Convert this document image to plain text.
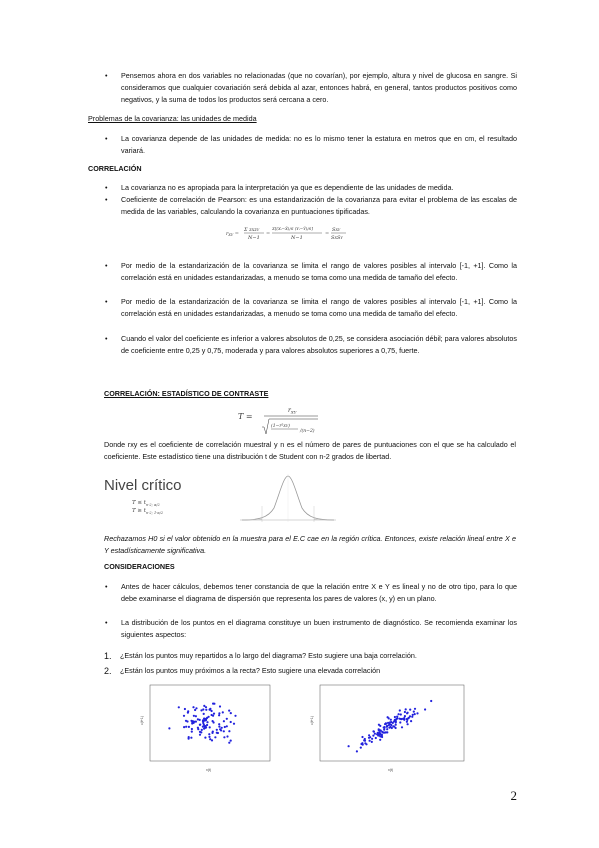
• Pensemos ahora en dos variables no relacionadas (que no covarían), por ejemplo, altura y nivel de glucosa en sangre. Si consideramos que cualquier covariación será debida al azar, entonces habrá, en general, tantos productos positivos como negativos, y la suma de todos los productos será cercana a cero.
Problemas de la covarianza: las unidades de medida
• La covarianza depende de las unidades de medida: no es lo mismo tener la estatura en metros que en cm, el resultado variará.
CORRELACIÓN
• La covarianza no es apropiada para la interpretación ya que es dependiente de las unidades de medida.
• Coeficiente de correlación de Pearson: es una estandarización de la covarianza para evitar el problema de las escalas de medida de las variables, calculando la covarianza en puntuaciones tipificadas.
$r_{XY}$ =
Σ zXzY
N−1
=
Σ[(Xᵢ−X̄)/S (Yᵢ−Ȳ)/S]
N−1
=
SXY
SXSY
• Por medio de la estandarización de la covarianza se limita el rango de valores posibles al intervalo [-1, +1]. Como la correlación está en unidades estandarizadas, a menudo se toma como una medida de tamaño del efecto.
• Por medio de la estandarización de la covarianza se limita el rango de valores posibles al intervalo [-1, +1]. Como la correlación está en unidades estandarizadas, a menudo se toma como una medida de tamaño del efecto.
• Cuando el valor del coeficiente es inferior a valores absolutos de 0,25, se considera asociación débil; para valores absolutos de coeficiente entre 0,25 y 0,75, moderada y para valores absolutos superiores a 0,75, fuerte.
CORRELACIÓN: ESTADÍSTICO DE CONTRASTE
T =
$r_{XY}$
(1−r²XY)
/(n−2)
Donde rxy es el coeficiente de correlación muestral y n es el número de pares de puntuaciones con el que se ha calculado el coeficiente. Este estadístico tiene una distribución t de Student con n-2 grados de libertad.
Nivel crítico
$T \le t_{n-2; \alpha/2}$
$T \ge t_{n-2; 1-\alpha/2}$
Rechazamos H0 si el valor obtenido en la muestra para el E.C cae en la región crítica. Entonces, existe relación lineal entre X e Y estadísticamente significativa.
CONSIDERACIONES
• Antes de hacer cálculos, debemos tener constancia de que la relación entre X e Y es lineal y no de otro tipo, para lo que debe examinarse el diagrama de dispersión que representa los pares de valores (x, y) en un plano.
• La distribución de los puntos en el diagrama constituye un buen instrumento de diagnóstico. Se recomienda examinar los siguientes aspectos:
1. ¿Están los puntos muy repartidos a lo largo del diagrama? Esto sugiere una baja correlación.
2. ¿Están los puntos muy próximos a la recta? Esto sugiere una elevada correlación
x(t+1)
x(t)
x(t+1)
x(t)
2
